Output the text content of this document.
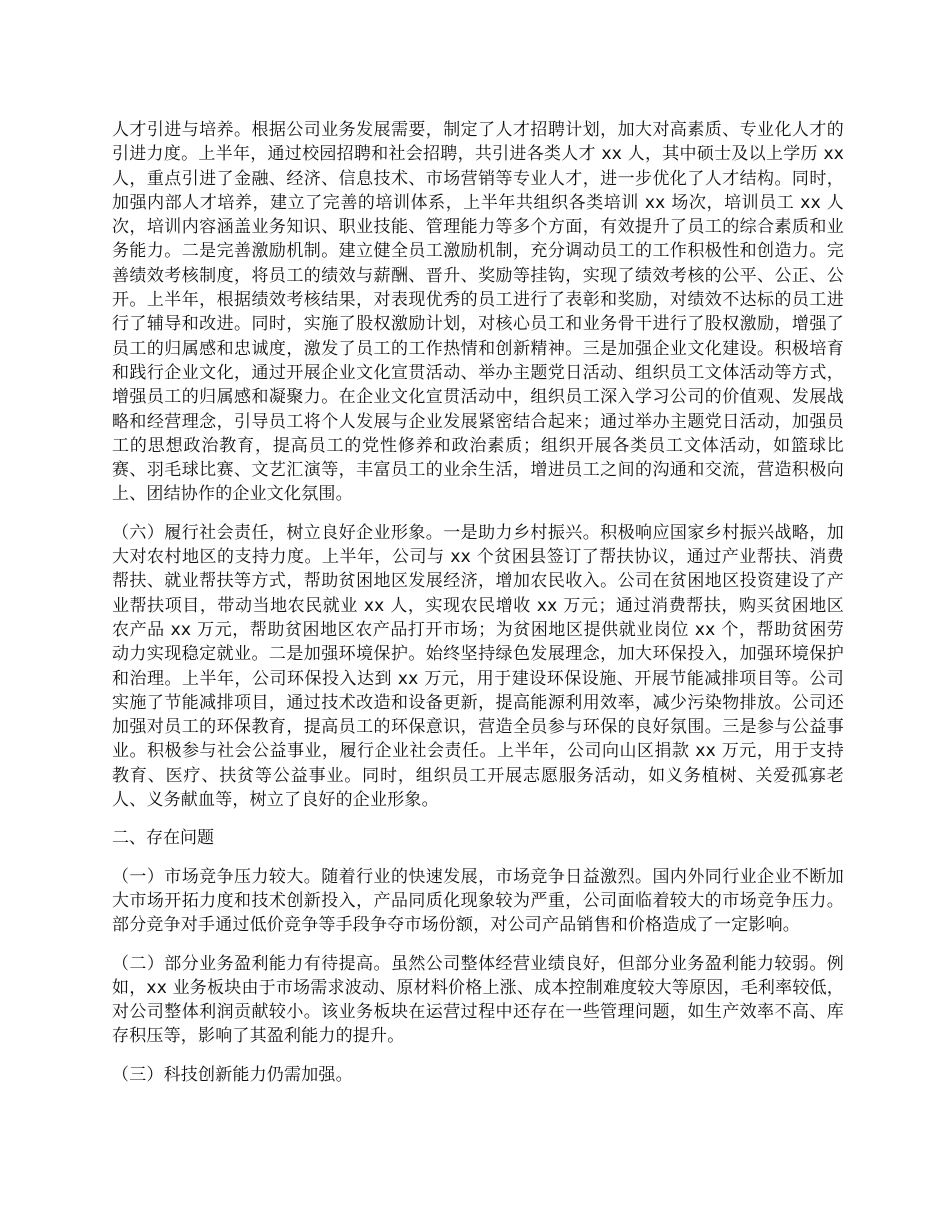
人才引进与培养。根据公司业务发展需要，制定了人才招聘计划，加大对高素质、专业化人才的引进力度。上半年，通过校园招聘和社会招聘，共引进各类人才 xx 人，其中硕士及以上学历 xx 人，重点引进了金融、经济、信息技术、市场营销等专业人才，进一步优化了人才结构。同时，加强内部人才培养，建立了完善的培训体系，上半年共组织各类培训 xx 场次，培训员工 xx 人次，培训内容涵盖业务知识、职业技能、管理能力等多个方面，有效提升了员工的综合素质和业务能力。二是完善激励机制。建立健全员工激励机制，充分调动员工的工作积极性和创造力。完善绩效考核制度，将员工的绩效与薪酬、晋升、奖励等挂钩，实现了绩效考核的公平、公正、公开。上半年，根据绩效考核结果，对表现优秀的员工进行了表彰和奖励，对绩效不达标的员工进行了辅导和改进。同时，实施了股权激励计划，对核心员工和业务骨干进行了股权激励，增强了员工的归属感和忠诚度，激发了员工的工作热情和创新精神。三是加强企业文化建设。积极培育和践行企业文化，通过开展企业文化宣贯活动、举办主题党日活动、组织员工文体活动等方式，增强员工的归属感和凝聚力。在企业文化宣贯活动中，组织员工深入学习公司的价值观、发展战略和经营理念，引导员工将个人发展与企业发展紧密结合起来；通过举办主题党日活动，加强员工的思想政治教育，提高员工的党性修养和政治素质；组织开展各类员工文体活动，如篮球比赛、羽毛球比赛、文艺汇演等，丰富员工的业余生活，增进员工之间的沟通和交流，营造积极向上、团结协作的企业文化氛围。

（六）履行社会责任，树立良好企业形象。一是助力乡村振兴。积极响应国家乡村振兴战略，加大对农村地区的支持力度。上半年，公司与 xx 个贫困县签订了帮扶协议，通过产业帮扶、消费帮扶、就业帮扶等方式，帮助贫困地区发展经济，增加农民收入。公司在贫困地区投资建设了产业帮扶项目，带动当地农民就业 xx 人，实现农民增收 xx 万元；通过消费帮扶，购买贫困地区农产品 xx 万元，帮助贫困地区农产品打开市场；为贫困地区提供就业岗位 xx 个，帮助贫困劳动力实现稳定就业。二是加强环境保护。始终坚持绿色发展理念，加大环保投入，加强环境保护和治理。上半年，公司环保投入达到 xx 万元，用于建设环保设施、开展节能减排项目等。公司实施了节能减排项目，通过技术改造和设备更新，提高能源利用效率，减少污染物排放。公司还加强对员工的环保教育，提高员工的环保意识，营造全员参与环保的良好氛围。三是参与公益事业。积极参与社会公益事业，履行企业社会责任。上半年，公司向山区捐款 xx 万元，用于支持教育、医疗、扶贫等公益事业。同时，组织员工开展志愿服务活动，如义务植树、关爱孤寡老人、义务献血等，树立了良好的企业形象。

二、存在问题

（一）市场竞争压力较大。随着行业的快速发展，市场竞争日益激烈。国内外同行业企业不断加大市场开拓力度和技术创新投入，产品同质化现象较为严重，公司面临着较大的市场竞争压力。部分竞争对手通过低价竞争等手段争夺市场份额，对公司产品销售和价格造成了一定影响。

（二）部分业务盈利能力有待提高。虽然公司整体经营业绩良好，但部分业务盈利能力较弱。例如，xx 业务板块由于市场需求波动、原材料价格上涨、成本控制难度较大等原因，毛利率较低，对公司整体利润贡献较小。该业务板块在运营过程中还存在一些管理问题，如生产效率不高、库存积压等，影响了其盈利能力的提升。

（三）科技创新能力仍需加强。
